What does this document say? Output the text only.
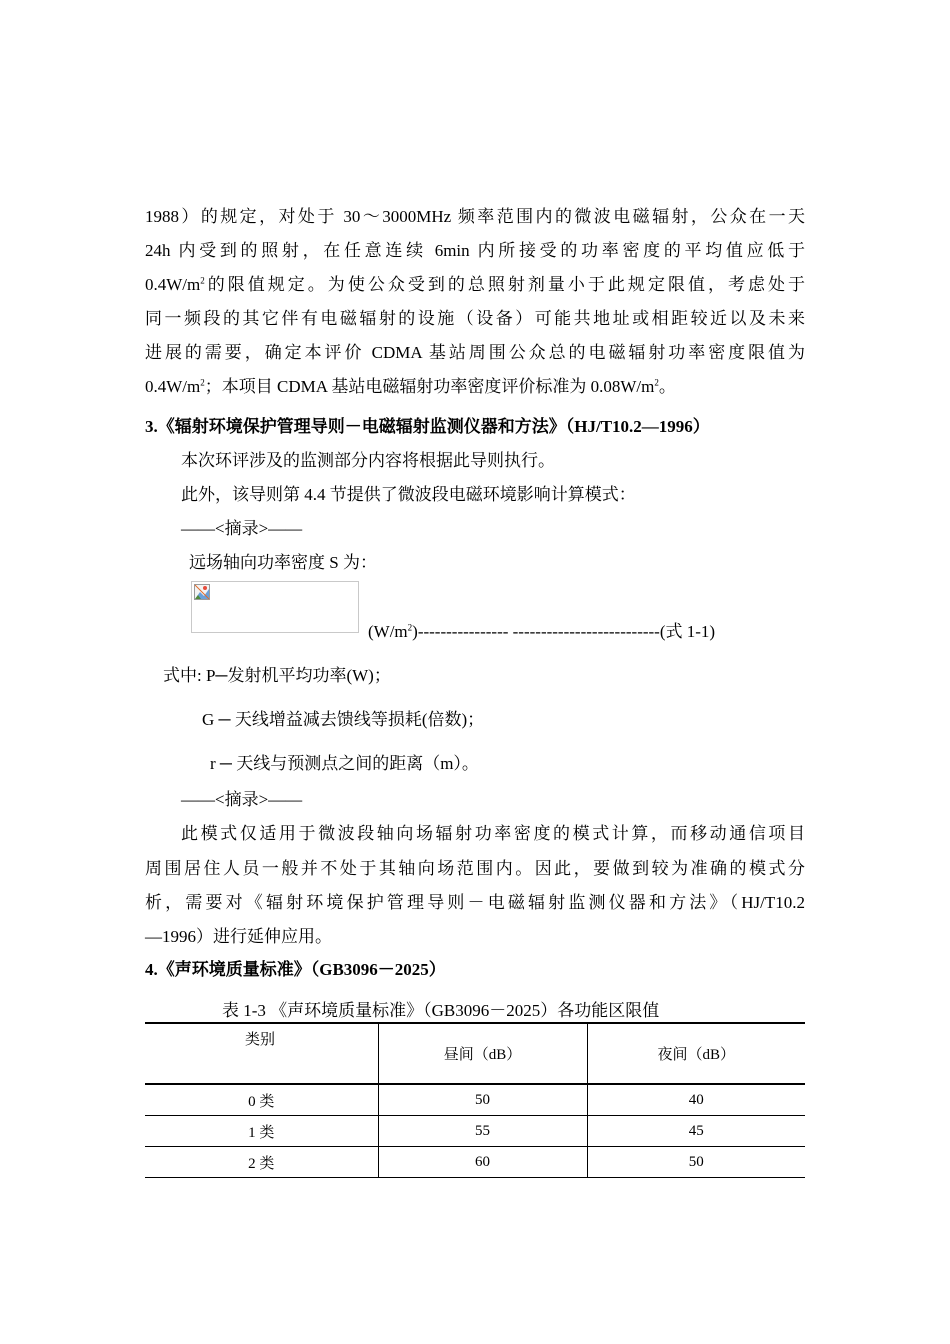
1988）的规定，对处于 30～3000MHz 频率范围内的微波电磁辐射，公众在一天
24h 内受到的照射，在任意连续 6min 内所接受的功率密度的平均值应低于
$0.4W/m^2$的限值规定。为使公众受到的总照射剂量小于此规定限值，考虑处于
同一频段的其它伴有电磁辐射的设施（设备）可能共地址或相距较近以及未来
进展的需要，确定本评价 CDMA 基站周围公众总的电磁辐射功率密度限值为
$0.4W/m^2$；本项目 CDMA 基站电磁辐射功率密度评价标准为 $0.08W/m^2$。
3.《辐射环境保护管理导则－电磁辐射监测仪器和方法》（HJ/T10.2—1996）
本次环评涉及的监测部分内容将根据此导则执行。
此外，该导则第 4.4 节提供了微波段电磁环境影响计算模式：
——<摘录>——
远场轴向功率密度 S 为：
$(W/m^2)----------------$ --------------------------(式 1-1)
式中: P─发射机平均功率(W)；
G ─ 天线增益减去馈线等损耗(倍数)；
r ─ 天线与预测点之间的距离（m）。
——<摘录>——
此模式仅适用于微波段轴向场辐射功率密度的模式计算，而移动通信项目
周围居住人员一般并不处于其轴向场范围内。因此，要做到较为准确的模式分
析，需要对《辐射环境保护管理导则－电磁辐射监测仪器和方法》（HJ/T10.2
—1996）进行延伸应用。
4.《声环境质量标准》（GB3096－2025）
表 1-3 《声环境质量标准》（GB3096－2025）各功能区限值
类别	昼间（dB）	夜间（dB）
0 类	50	40
1 类	55	45
2 类	60	50
